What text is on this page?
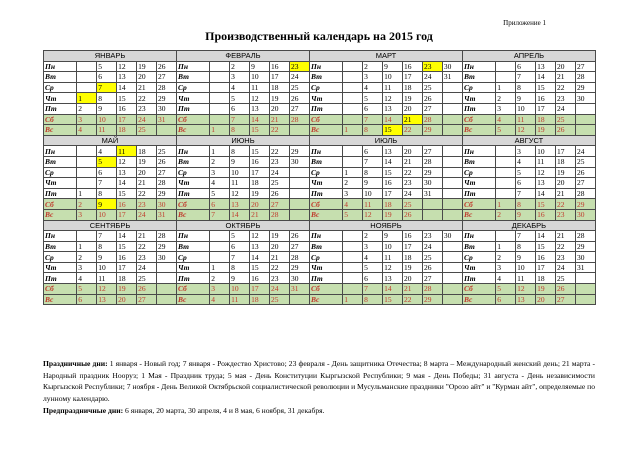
Приложение 1
Производственный календарь на 2015 год
ЯНВАРЬ						ФЕВРАЛЬ						МАРТ							АПРЕЛЬ					
Пн		5	12	19	26	Пн		2	9	16	23	Пн		2	9	16	23	30	Пн		6	13	20	27
Вт		6	13	20	27	Вт		3	10	17	24	Вт		3	10	17	24	31	Вт		7	14	21	28
Ср		7	14	21	28	Ср		4	11	18	25	Ср		4	11	18	25		Ср	1	8	15	22	29
Чт	1	8	15	22	29	Чт		5	12	19	26	Чт		5	12	19	26		Чт	2	9	16	23	30
Пт	2	9	16	23	30	Пт		6	13	20	27	Пт		6	13	20	27		Пт	3	10	17	24	
Сб	3	10	17	24	31	Сб		7	14	21	28	Сб		7	14	21	28		Сб	4	11	18	25	
Вс	4	11	18	25		Вс	1	8	15	22		Вс	1	8	15	22	29		Вс	5	12	19	26	
МАЙ						ИЮНЬ						ИЮЛЬ							АВГУСТ					
Пн		4	11	18	25	Пн	1	8	15	22	29	Пн		6	13	20	27		Пн		3	10	17	24
Вт		5	12	19	26	Вт	2	9	16	23	30	Вт		7	14	21	28		Вт		4	11	18	25
Ср		6	13	20	27	Ср	3	10	17	24		Ср	1	8	15	22	29		Ср		5	12	19	26
Чт		7	14	21	28	Чт	4	11	18	25		Чт	2	9	16	23	30		Чт		6	13	20	27
Пт	1	8	15	22	29	Пт	5	12	19	26		Пт	3	10	17	24	31		Пт		7	14	21	28
Сб	2	9	16	23	30	Сб	6	13	20	27		Сб	4	11	18	25			Сб	1	8	15	22	29
Вс	3	10	17	24	31	Вс	7	14	21	28		Вс	5	12	19	26			Вс	2	9	16	23	30
СЕНТЯБРЬ						ОКТЯБРЬ						НОЯБРЬ							ДЕКАБРЬ					
Пн		7	14	21	28	Пн		5	12	19	26	Пн		2	9	16	23	30	Пн		7	14	21	28
Вт	1	8	15	22	29	Вт		6	13	20	27	Вт		3	10	17	24		Вт	1	8	15	22	29
Ср	2	9	16	23	30	Ср		7	14	21	28	Ср		4	11	18	25		Ср	2	9	16	23	30
Чт	3	10	17	24		Чт	1	8	15	22	29	Чт		5	12	19	26		Чт	3	10	17	24	31
Пт	4	11	18	25		Пт	2	9	16	23	30	Пт		6	13	20	27		Пт	4	11	18	25	
Сб	5	12	19	26		Сб	3	10	17	24	31	Сб		7	14	21	28		Сб	5	12	19	26	
Вс	6	13	20	27		Вс	4	11	18	25		Вс	1	8	15	22	29		Вс	6	13	20	27	
Праздничные дни: 1 января - Новый год; 7 января - Рождество Христово; 23 февраля - День защитника Отечества; 8 марта – Международный женский день; 21 марта - Народный праздник Нооруз; 1 Мая - Праздник труда; 5 мая - День Конституции Кыргызской Республики; 9 мая - День Победы; 31 августа - День независимости Кыргызской Республики; 7 ноября - День Великой Октябрьской социалистической революции и Мусульманские праздники "Орозо айт" и "Курман айт", определяемые по лунному календарю.
Предпраздничные дни: 6 января, 20 марта, 30 апреля, 4 и 8 мая, 6 ноября, 31 декабря.
